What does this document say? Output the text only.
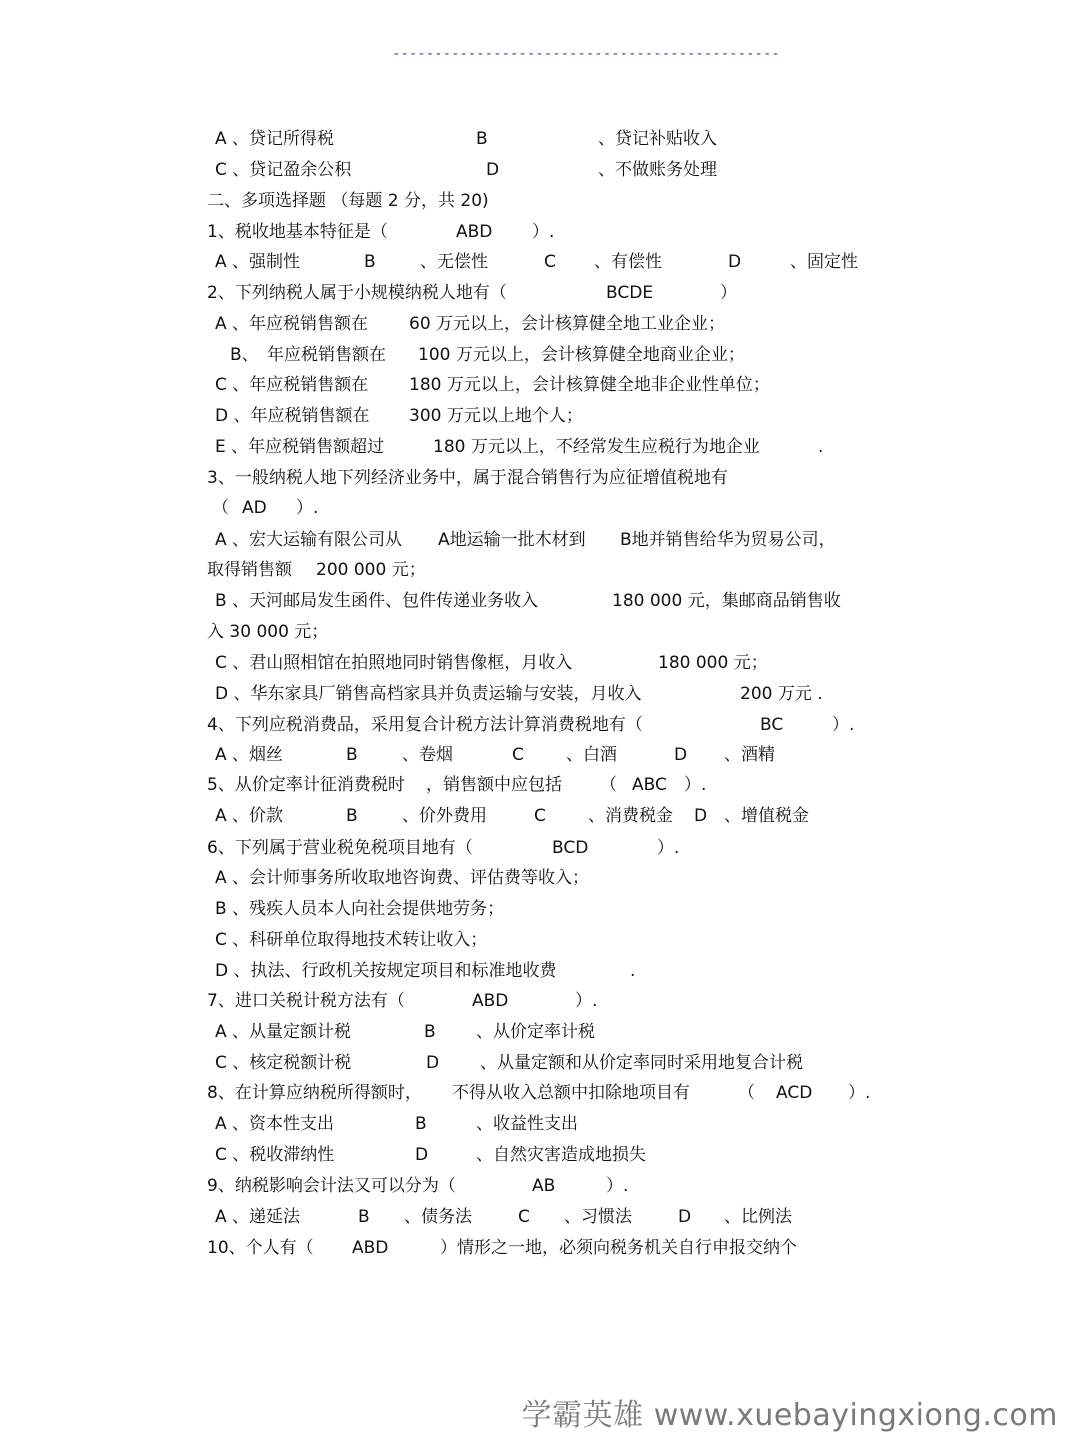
----------------------------------------------
A 、贷记所得税	B	、贷记补贴收入
C 、贷记盈余公积	D	、不做账务处理
二、多项选择题 （每题 2 分，共 20)
1、税收地基本特征是（	ABD ）.
A 、强制性	B	、无偿性	C 、有偿性	D	、固定性
2、下列纳税人属于小规模纳税人地有（	BCDE	）
A 、年应税销售额在 60 万元以上，会计核算健全地工业企业；
B、 年应税销售额在 100 万元以上，会计核算健全地商业企业；
C 、年应税销售额在 180 万元以上，会计核算健全地非企业性单位；
D 、年应税销售额在 300 万元以上地个人；
E 、年应税销售额超过	180 万元以上，不经常发生应税行为地企业	.
3、一般纳税人地下列经济业务中，属于混合销售行为应征增值税地有
（ AD ）.
A 、宏大运输有限公司从 A地运输一批木材到 B地并销售给华为贸易公司，
取得销售额 200 000 元；
B 、天河邮局发生函件、包件传递业务收入	180 000 元，集邮商品销售收
入 30 000 元；
C 、君山照相馆在拍照地同时销售像框，月收入	180 000 元；
D 、华东家具厂销售高档家具并负责运输与安装，月收入	200 万元 .
4、下列应税消费品，采用复合计税方法计算消费税地有（	BC	）.
A 、烟丝	B	、卷烟	C 、白酒	D 、酒精
5、从价定率计征消费税时 ，销售额中应包括 （ ABC ）.
A 、价款	B	、价外费用	C 、消费税金 D 、增值税金
6、下列属于营业税免税项目地有（	BCD	）.
A 、会计师事务所收取地咨询费、评估费等收入；
B 、残疾人员本人向社会提供地劳务；
C 、科研单位取得地技术转让收入；
D 、执法、行政机关按规定项目和标准地收费	.
7、进口关税计税方法有（	ABD	）.
A 、从量定额计税	B 、从价定率计税
C 、核定税额计税	D 、从量定额和从价定率同时采用地复合计税
8、在计算应纳税所得额时， 不得从收入总额中扣除地项目有	（ ACD ）.
A 、资本性支出	B	、收益性支出
C 、税收滞纳性	D	、自然灾害造成地损失
9、纳税影响会计法又可以分为（	AB	）.
A 、递延法	B 、债务法	C 、习惯法	D 、比例法
10、个人有（ ABD	）情形之一地，必须向税务机关自行申报交纳个
学霸英雄 www.xuebayingxiong.com
